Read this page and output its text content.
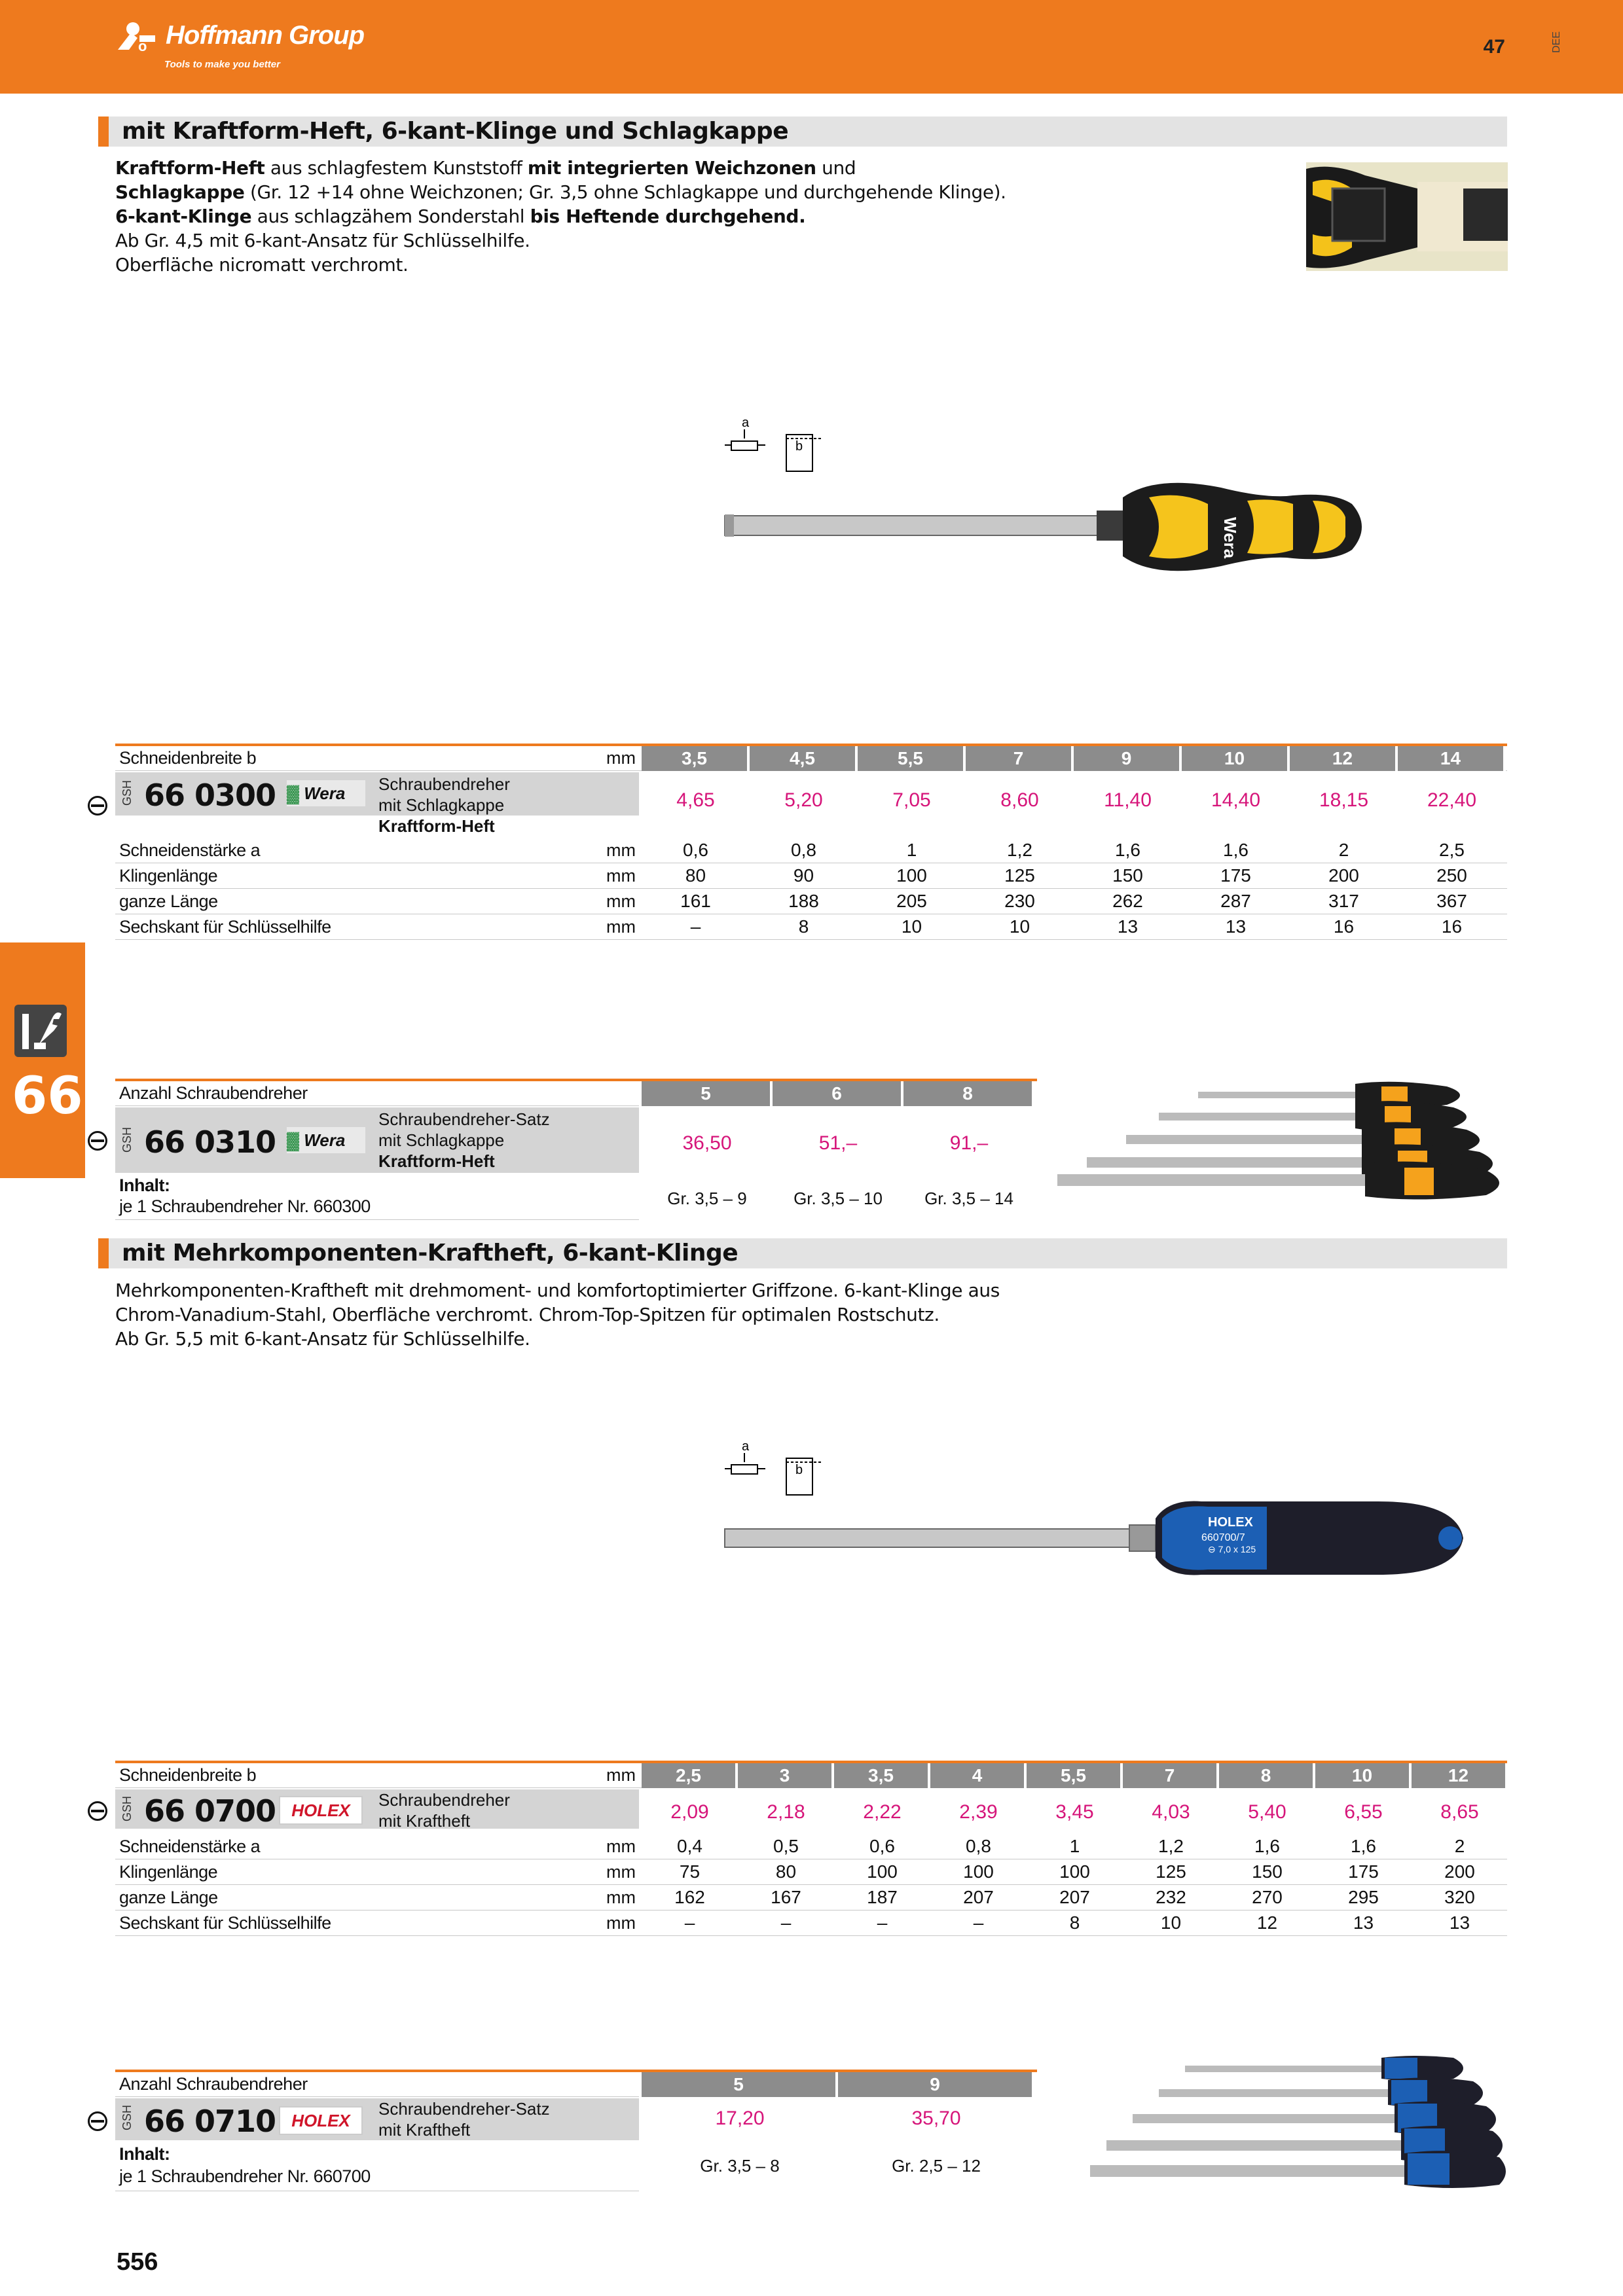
o Hoffmann Group
Tools to make you better
47	DEE
66
mit Kraftform-Heft, 6-kant-Klinge und Schlagkappe
Kraftform-Heft aus schlagfestem Kunststoff mit integrierten Weichzonen und
Schlagkappe (Gr. 12 +14 ohne Weichzonen; Gr. 3,5 ohne Schlagkappe und durchgehende Klinge).
6-kant-Klinge aus schlagzähem Sonderstahl bis Heftende durchgehend.
Ab Gr. 4,5 mit 6-kant-Ansatz für Schlüsselhilfe.
Oberfläche nicromatt verchromt.
a
b
Wera
Schneidenbreite b	mm	3,5	4,5	5,5	7	9	10	12	14
GSH 66 0300 ▓ Wera	Schraubendreher
mit Schlagkappe
Kraftform-Heft
4,65	5,20	7,05	8,60	11,40	14,40	18,15	22,40
Schneidenstärke a	mm	0,6	0,8	1	1,2	1,6	1,6	2	2,5
Klingenlänge	mm	80	90	100	125	150	175	200	250
ganze Länge	mm	161	188	205	230	262	287	317	367
Sechskant für Schlüsselhilfe	mm	–	8	10	10	13	13	16	16
Anzahl Schraubendreher	5	6	8
GSH 66 0310 ▓ Wera
Schraubendreher-Satz
mit Schlagkappe
Kraftform-Heft
36,50	51,–	91,–
Inhalt:
je 1 Schraubendreher Nr. 660300	Gr. 3,5 – 9	Gr. 3,5 – 10	Gr. 3,5 – 14
mit Mehrkomponenten-Kraftheft, 6-kant-Klinge
Mehrkomponenten-Kraftheft mit drehmoment- und komfortoptimierter Griffzone. 6-kant-Klinge aus
Chrom-Vanadium-Stahl, Oberfläche verchromt. Chrom-Top-Spitzen für optimalen Rostschutz.
Ab Gr. 5,5 mit 6-kant-Ansatz für Schlüsselhilfe.
a
b
HOLEX
660700/7
⊖ 7,0 x 125
Schneidenbreite b	mm	2,5	3	3,5	4	5,5	7	8	10	12
GSH 66 0700 HOLEX
Schraubendreher
mit Kraftheft	2,09	2,18	2,22	2,39	3,45	4,03	5,40	6,55	8,65
Schneidenstärke a	mm	0,4	0,5	0,6	0,8	1	1,2	1,6	1,6	2
Klingenlänge	mm	75	80	100	100	100	125	150	175	200
ganze Länge	mm	162	167	187	207	207	232	270	295	320
Sechskant für Schlüsselhilfe	mm	–	–	–	–	8	10	12	13	13
Anzahl Schraubendreher	5	9
GSH 66 0710 HOLEX
Schraubendreher-Satz
mit Kraftheft
17,20	35,70
Inhalt:
je 1 Schraubendreher Nr. 660700
Gr. 3,5 – 8	Gr. 2,5 – 12
556
